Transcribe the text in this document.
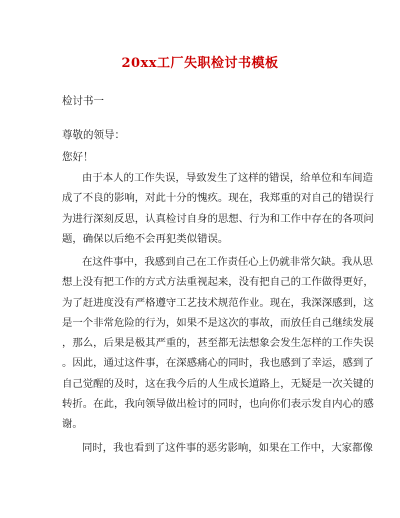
20xx工厂失职检讨书模板
检讨书一
尊敬的领导：
您好！
由于本人的工作失误，导致发生了这样的错误，给单位和车间造
成了不良的影响，对此十分的愧疚。现在，我郑重的对自己的错误行
为进行深刻反思，认真检讨自身的思想、行为和工作中存在的各项问
题，确保以后绝不会再犯类似错误。
在这件事中，我感到自己在工作责任心上仍就非常欠缺。我从思
想上没有把工作的方式方法重视起来，没有把自己的工作做得更好，
为了赶进度没有严格遵守工艺技术规范作业。现在，我深深感到，这
是一个非常危险的行为，如果不是这次的事故，而放任自己继续发展
，那么，后果是极其严重的，甚至都无法想象会发生怎样的工作失误
。因此，通过这件事，在深感痛心的同时，我也感到了幸运，感到了
自己觉醒的及时，这在我今后的人生成长道路上，无疑是一次关键的
转折。在此，我向领导做出检讨的同时，也向你们表示发自内心的感
谢。
同时，我也看到了这件事的恶劣影响，如果在工作中，大家都像
